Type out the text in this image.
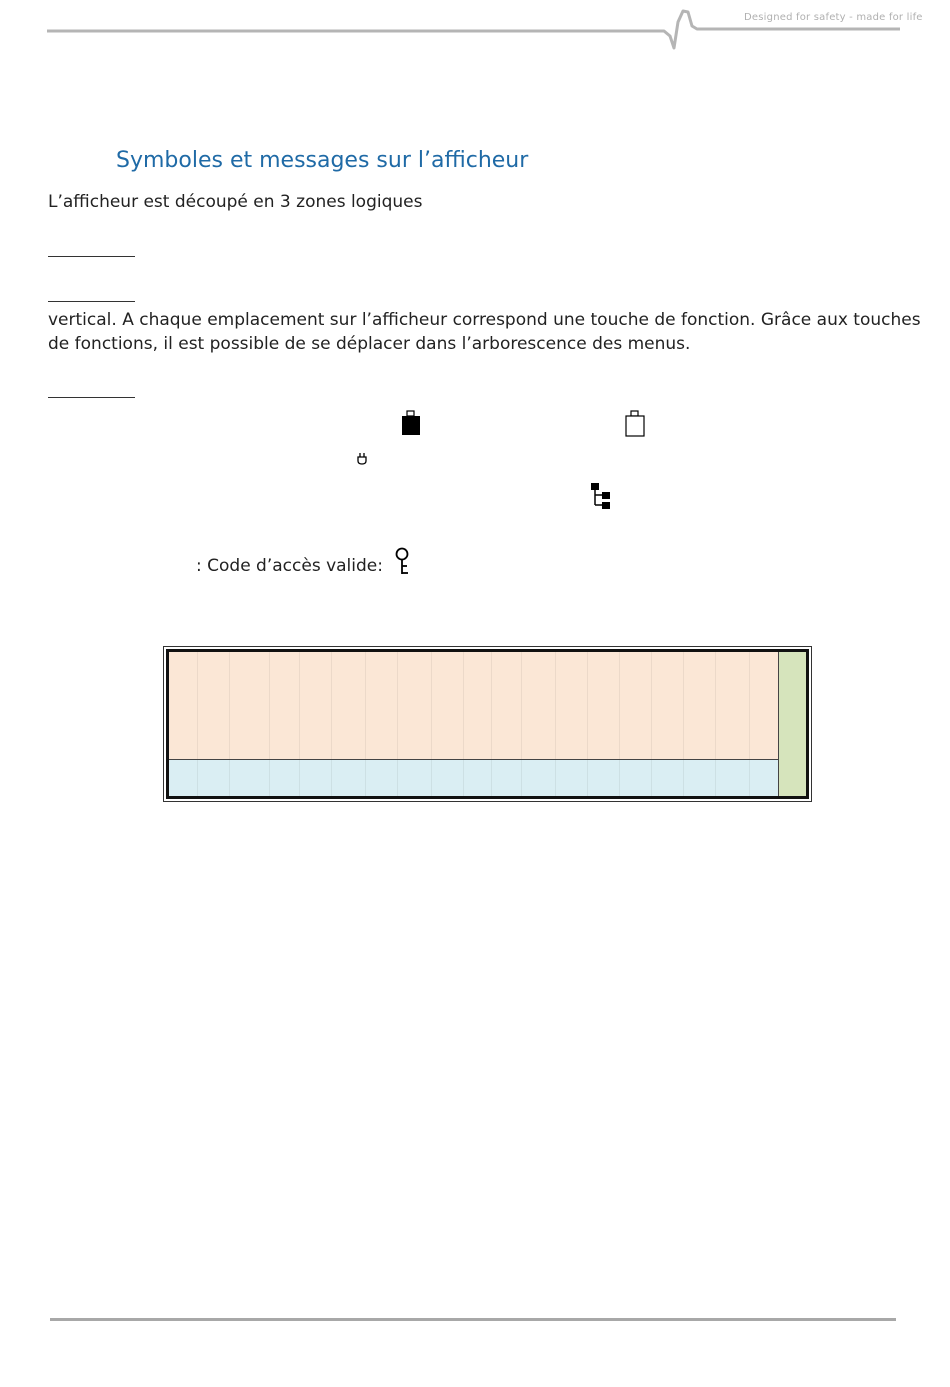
Designed for safety - made for life
Symboles et messages sur l’afficheur
L’afficheur est découpé en 3 zones logiques
vertical. A chaque emplacement sur l’afficheur correspond une touche de fonction. Grâce aux touches
de fonctions, il est possible de se déplacer dans l’arborescence des menus.
: Code d’accès valide:
